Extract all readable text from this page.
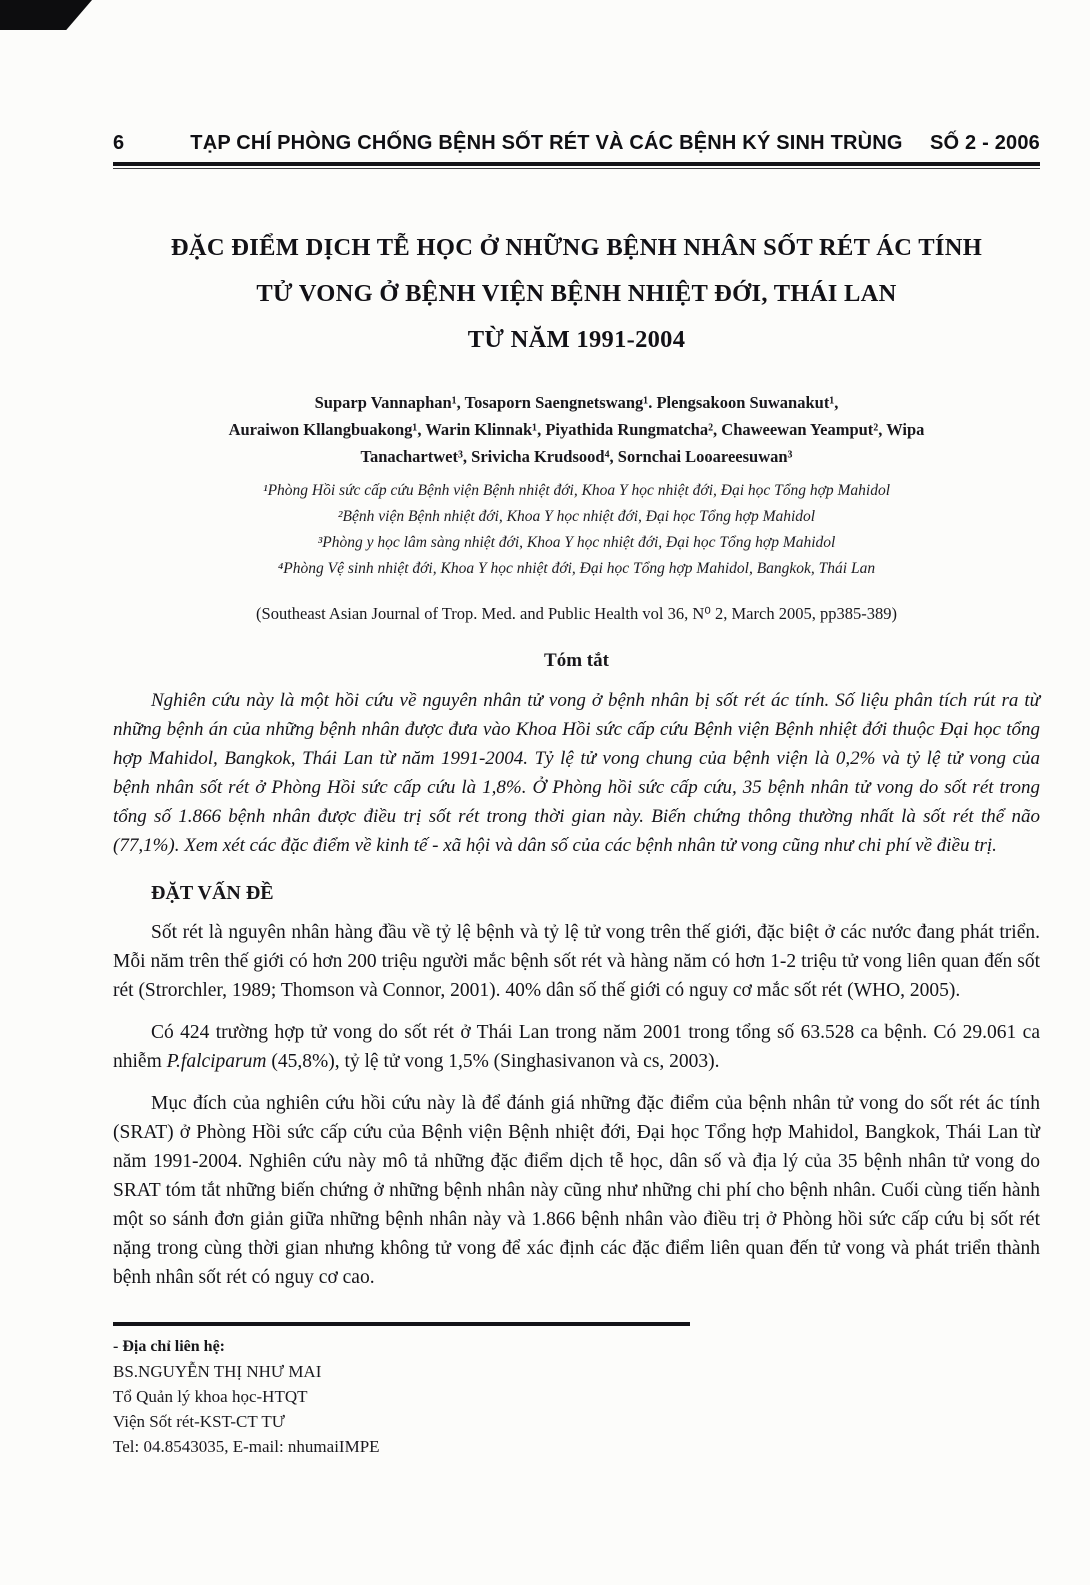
6	TẠP CHÍ PHÒNG CHỐNG BỆNH SỐT RÉT VÀ CÁC BỆNH KÝ SINH TRÙNG	SỐ 2 - 2006
ĐẶC ĐIỂM DỊCH TỄ HỌC Ở NHỮNG BỆNH NHÂN SỐT RÉT ÁC TÍNH
TỬ VONG Ở BỆNH VIỆN BỆNH NHIỆT ĐỚI, THÁI LAN
TỪ NĂM 1991-2004
Suparp Vannaphan¹, Tosaporn Saengnetswang¹. Plengsakoon Suwanakut¹,
Auraiwon Kllangbuakong¹, Warin Klinnak¹, Piyathida Rungmatcha², Chaweewan Yeamput², Wipa
Tanachartwet³, Srivicha Krudsood⁴, Sornchai Looareesuwan³
¹Phòng Hồi sức cấp cứu Bệnh viện Bệnh nhiệt đới, Khoa Y học nhiệt đới, Đại học Tổng hợp Mahidol
²Bệnh viện Bệnh nhiệt đới, Khoa Y học nhiệt đới, Đại học Tổng hợp Mahidol
³Phòng y học lâm sàng nhiệt đới, Khoa Y học nhiệt đới, Đại học Tổng hợp Mahidol
⁴Phòng Vệ sinh nhiệt đới, Khoa Y học nhiệt đới, Đại học Tổng hợp Mahidol, Bangkok, Thái Lan
(Southeast Asian Journal of Trop. Med. and Public Health vol 36, N⁰ 2, March 2005, pp385-389)
Tóm tắt

Nghiên cứu này là một hồi cứu về nguyên nhân tử vong ở bệnh nhân bị sốt rét ác tính. Số liệu phân tích rút ra từ những bệnh án của những bệnh nhân được đưa vào Khoa Hồi sức cấp cứu Bệnh viện Bệnh nhiệt đới thuộc Đại học tổng hợp Mahidol, Bangkok, Thái Lan từ năm 1991-2004. Tỷ lệ tử vong chung của bệnh viện là 0,2% và tỷ lệ tử vong của bệnh nhân sốt rét ở Phòng Hồi sức cấp cứu là 1,8%. Ở Phòng hồi sức cấp cứu, 35 bệnh nhân tử vong do sốt rét trong tổng số 1.866 bệnh nhân được điều trị sốt rét trong thời gian này. Biến chứng thông thường nhất là sốt rét thể não (77,1%). Xem xét các đặc điểm về kinh tế - xã hội và dân số của các bệnh nhân tử vong cũng như chi phí về điều trị.

ĐẶT VẤN ĐỀ

Sốt rét là nguyên nhân hàng đầu về tỷ lệ bệnh và tỷ lệ tử vong trên thế giới, đặc biệt ở các nước đang phát triển. Mỗi năm trên thế giới có hơn 200 triệu người mắc bệnh sốt rét và hàng năm có hơn 1-2 triệu tử vong liên quan đến sốt rét (Strorchler, 1989; Thomson và Connor, 2001). 40% dân số thế giới có nguy cơ mắc sốt rét (WHO, 2005).

Có 424 trường hợp tử vong do sốt rét ở Thái Lan trong năm 2001 trong tổng số 63.528 ca bệnh. Có 29.061 ca nhiễm P.falciparum (45,8%), tỷ lệ tử vong 1,5% (Singhasivanon và cs, 2003).

Mục đích của nghiên cứu hồi cứu này là để đánh giá những đặc điểm của bệnh nhân tử vong do sốt rét ác tính (SRAT) ở Phòng Hồi sức cấp cứu của Bệnh viện Bệnh nhiệt đới, Đại học Tổng hợp Mahidol, Bangkok, Thái Lan từ năm 1991-2004. Nghiên cứu này mô tả những đặc điểm dịch tễ học, dân số và địa lý của 35 bệnh nhân tử vong do SRAT tóm tắt những biến chứng ở những bệnh nhân này cũng như những chi phí cho bệnh nhân. Cuối cùng tiến hành một so sánh đơn giản giữa những bệnh nhân này và 1.866 bệnh nhân vào điều trị ở Phòng hồi sức cấp cứu bị sốt rét nặng trong cùng thời gian nhưng không tử vong để xác định các đặc điểm liên quan đến tử vong và phát triển thành bệnh nhân sốt rét có nguy cơ cao.

- Địa chỉ liên hệ:
BS.NGUYỄN THỊ NHƯ MAI
Tổ Quản lý khoa học-HTQT
Viện Sốt rét-KST-CT TƯ
Tel: 04.8543035, E-mail: nhumaiIMPE
